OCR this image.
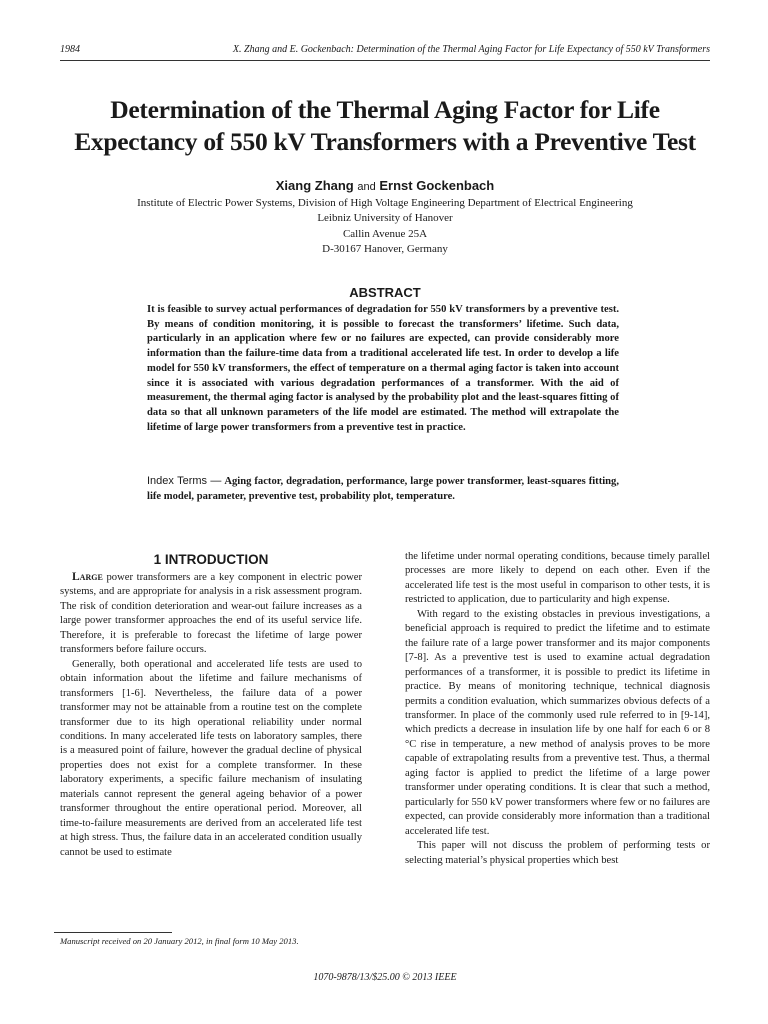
1984	X. Zhang and E. Gockenbach: Determination of the Thermal Aging Factor for Life Expectancy of 550 kV Transformers
Determination of the Thermal Aging Factor for Life
Expectancy of 550 kV Transformers with a Preventive Test
Xiang Zhang and Ernst Gockenbach
Institute of Electric Power Systems, Division of High Voltage Engineering Department of Electrical Engineering
Leibniz University of Hanover
Callin Avenue 25A
D-30167 Hanover, Germany
ABSTRACT

It is feasible to survey actual performances of degradation for 550 kV transformers by a preventive test. By means of condition monitoring, it is possible to forecast the transformers’ lifetime. Such data, particularly in an application where few or no failures are expected, can provide considerably more information than the failure-time data from a traditional accelerated life test. In order to develop a life model for 550 kV transformers, the effect of temperature on a thermal aging factor is taken into account since it is associated with various degradation performances of a transformer. With the aid of measurement, the thermal aging factor is analysed by the probability plot and the least-squares fitting of data so that all unknown parameters of the life model are estimated. The method will extrapolate the lifetime of large power transformers from a preventive test in practice.

Index Terms — Aging factor, degradation, performance, large power transformer, least-squares fitting, life model, parameter, preventive test, probability plot, temperature.

1 INTRODUCTION

Large power transformers are a key component in electric power systems, and are appropriate for analysis in a risk assessment program. The risk of condition deterioration and wear-out failure increases as a large power transformer approaches the end of its useful service life. Therefore, it is preferable to forecast the lifetime of large power transformers before failure occurs.

Generally, both operational and accelerated life tests are used to obtain information about the lifetime and failure mechanisms of transformers [1-6]. Nevertheless, the failure data of a power transformer may not be attainable from a routine test on the complete transformer due to its high operational reliability under normal conditions. In many accelerated life tests on laboratory samples, there is a measured point of failure, however the gradual decline of physical properties does not exist for a complete transformer. In these laboratory experiments, a specific failure mechanism of insulating materials cannot represent the general ageing behavior of a power transformer throughout the entire operational period. Moreover, all time-to-failure measurements are derived from an accelerated life test at high stress. Thus, the failure data in an accelerated condition usually cannot be used to estimate

the lifetime under normal operating conditions, because timely parallel processes are more likely to depend on each other. Even if the accelerated life test is the most useful in comparison to other tests, it is restricted to application, due to particularity and high expense.

With regard to the existing obstacles in previous investigations, a beneficial approach is required to predict the lifetime and to estimate the failure rate of a large power transformer and its major components [7-8]. As a preventive test is used to examine actual degradation performances of a transformer, it is possible to predict its lifetime in practice. By means of monitoring technique, technical diagnosis permits a condition evaluation, which summarizes obvious defects of a transformer. In place of the commonly used rule referred to in [9-14], which predicts a decrease in insulation life by one half for each 6 or 8 °C rise in temperature, a new method of analysis proves to be more capable of extrapolating results from a preventive test. Thus, a thermal aging factor is applied to predict the lifetime of a large power transformer under operating conditions. It is clear that such a method, particularly for 550 kV power transformers where few or no failures are expected, can provide considerably more information than a traditional accelerated life test.

This paper will not discuss the problem of performing tests or selecting material’s physical properties which best

Manuscript received on 20 January 2012, in final form 10 May 2013.
1070-9878/13/$25.00 © 2013 IEEE
